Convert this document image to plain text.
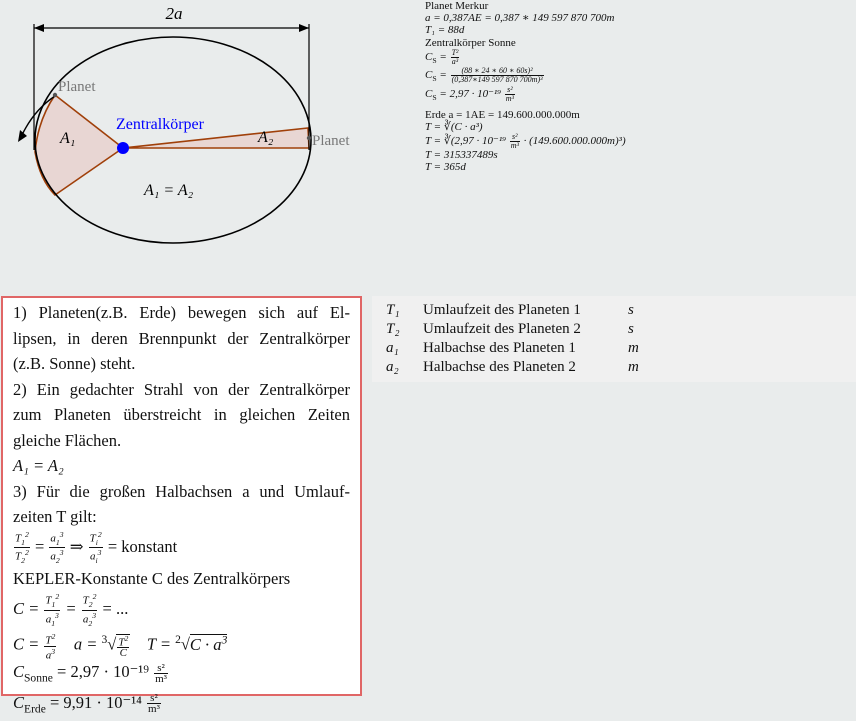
2a
Planet
Planet
Zentralkörper
A₁	A₂
A₁ = A₂
Planet Merkur
a = 0,387AE = 0,387 ∗ 149 597 870 700m
T₁ = 88d
Zentralkörper Sonne
$C_S = \frac{\text{T²}}{\text{a³}}$
$C_S = \frac{\text{(88 ∗ 24 ∗ 60 ∗ 60s)²}}{\text{(0,387∗149 597 870 700m)³}}$
$C_S = 2,97 \cdot 10^{-19} \frac{\text{s²}}{\text{m³}}$
Erde a = 1AE = 149.600.000.000m
T = ∛(C · a³)
T = ∛(2,97 · $10^{-19} \frac{\text{s²}}{\text{m³}} \cdot (149.600.000.000m)^3$)
T = 315337489s
T = 365d
1) Planeten(z.B. Erde) bewegen sich auf El-
lipsen, in deren Brennpunkt der Zentralkörper
(z.B. Sonne) steht.
2) Ein gedachter Strahl von der Zentralkörper
zum Planeten überstreicht in gleichen Zeiten
gleiche Flächen.
A₁ = A₂
3) Für die großen Halbachsen a und Umlauf-
zeiten T gilt:
$\frac{T_1^2}{T_2^2} = \frac{a_1^3}{a_2^3}$ ⇒ $\frac{T_i^2}{a_i^3}$ = konstant
KEPLER-Konstante C des Zentralkörpers
$C = \frac{T_1^2}{a_1^3} = \frac{T_2^2}{a_2^3}$ = ...
$C = \frac{T^2}{a^3}$ $a = ^3√ \frac{T^2}{C}$ $T = ^2√C \cdot a^3$
$C_{Sonne} = 2,97 \cdot 10^{-19} \frac{\text{s²}}{\text{m³}}$
$C_{Erde} = 9,91 \cdot 10^{-14} \frac{\text{s²}}{\text{m³}}$
T₁	Umlaufzeit des Planeten 1	s
T₂	Umlaufzeit des Planeten 2	s
a₁	Halbachse des Planeten 1	m
a₂	Halbachse des Planeten 2	m
